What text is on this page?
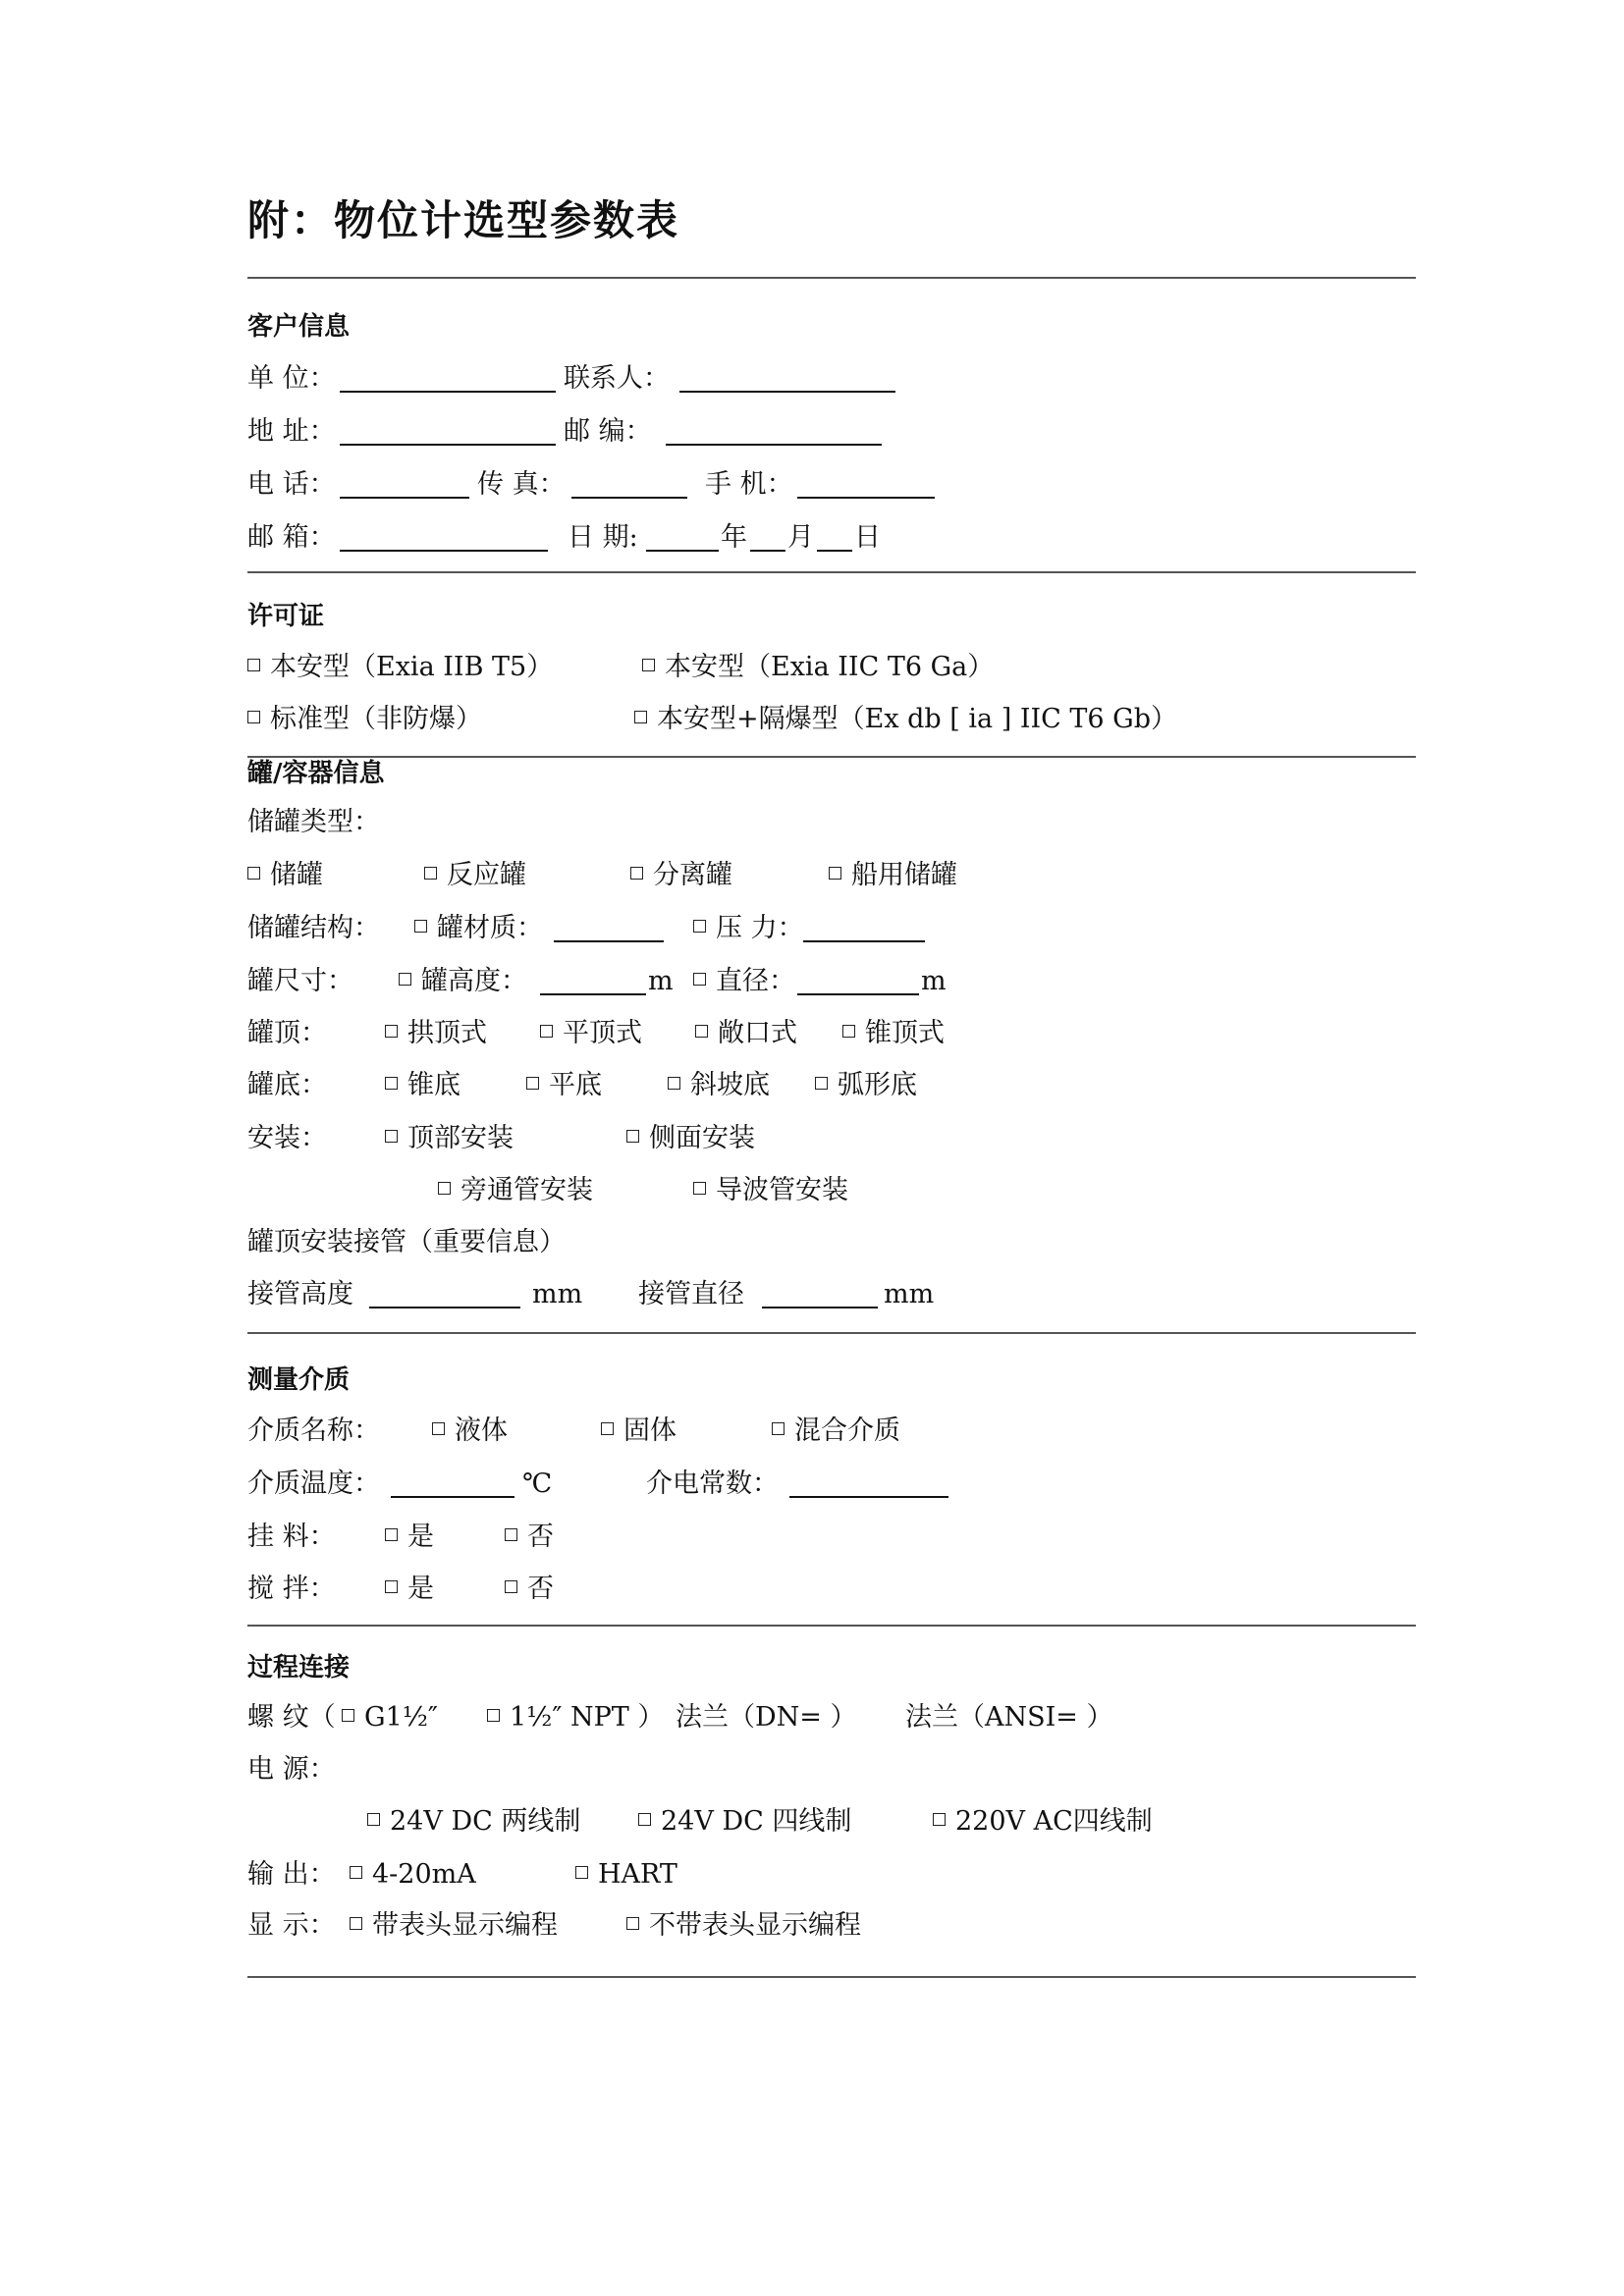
附：物位计选型参数表
客户信息
单 位：	联系人：
地 址：	邮 编：
电 话：	传 真：	手 机：
邮 箱：	日 期:	年 月 日
许可证
本安型（Exia IIB T5）	本安型（Exia IIC T6 Ga）
标准型（非防爆）	本安型+隔爆型（Ex db [ ia ] IIC T6 Gb）
罐/容器信息
储罐类型：
储罐	反应罐	分离罐	船用储罐
储罐结构：	罐材质：	压 力：
罐尺寸：	罐高度：	m	直径：	m
罐顶：	拱顶式	平顶式	敞口式	锥顶式
罐底：	锥底	平底	斜坡底	弧形底
安装：	顶部安装	侧面安装
旁通管安装	导波管安装
罐顶安装接管（重要信息）
接管高度	mm 接管直径	mm
测量介质
介质名称：	液体	固体	混合介质
介质温度：	℃	介电常数：
挂 料：	是	否
搅 拌：	是	否
过程连接
螺 纹（	G1½″	1½″ NPT ） 法兰（DN= ） 法兰（ANSI= ）
电 源：
24V DC 两线制	24V DC 四线制	220V AC四线制
输 出：	4-20mA	HART
显 示：	带表头显示编程	不带表头显示编程
